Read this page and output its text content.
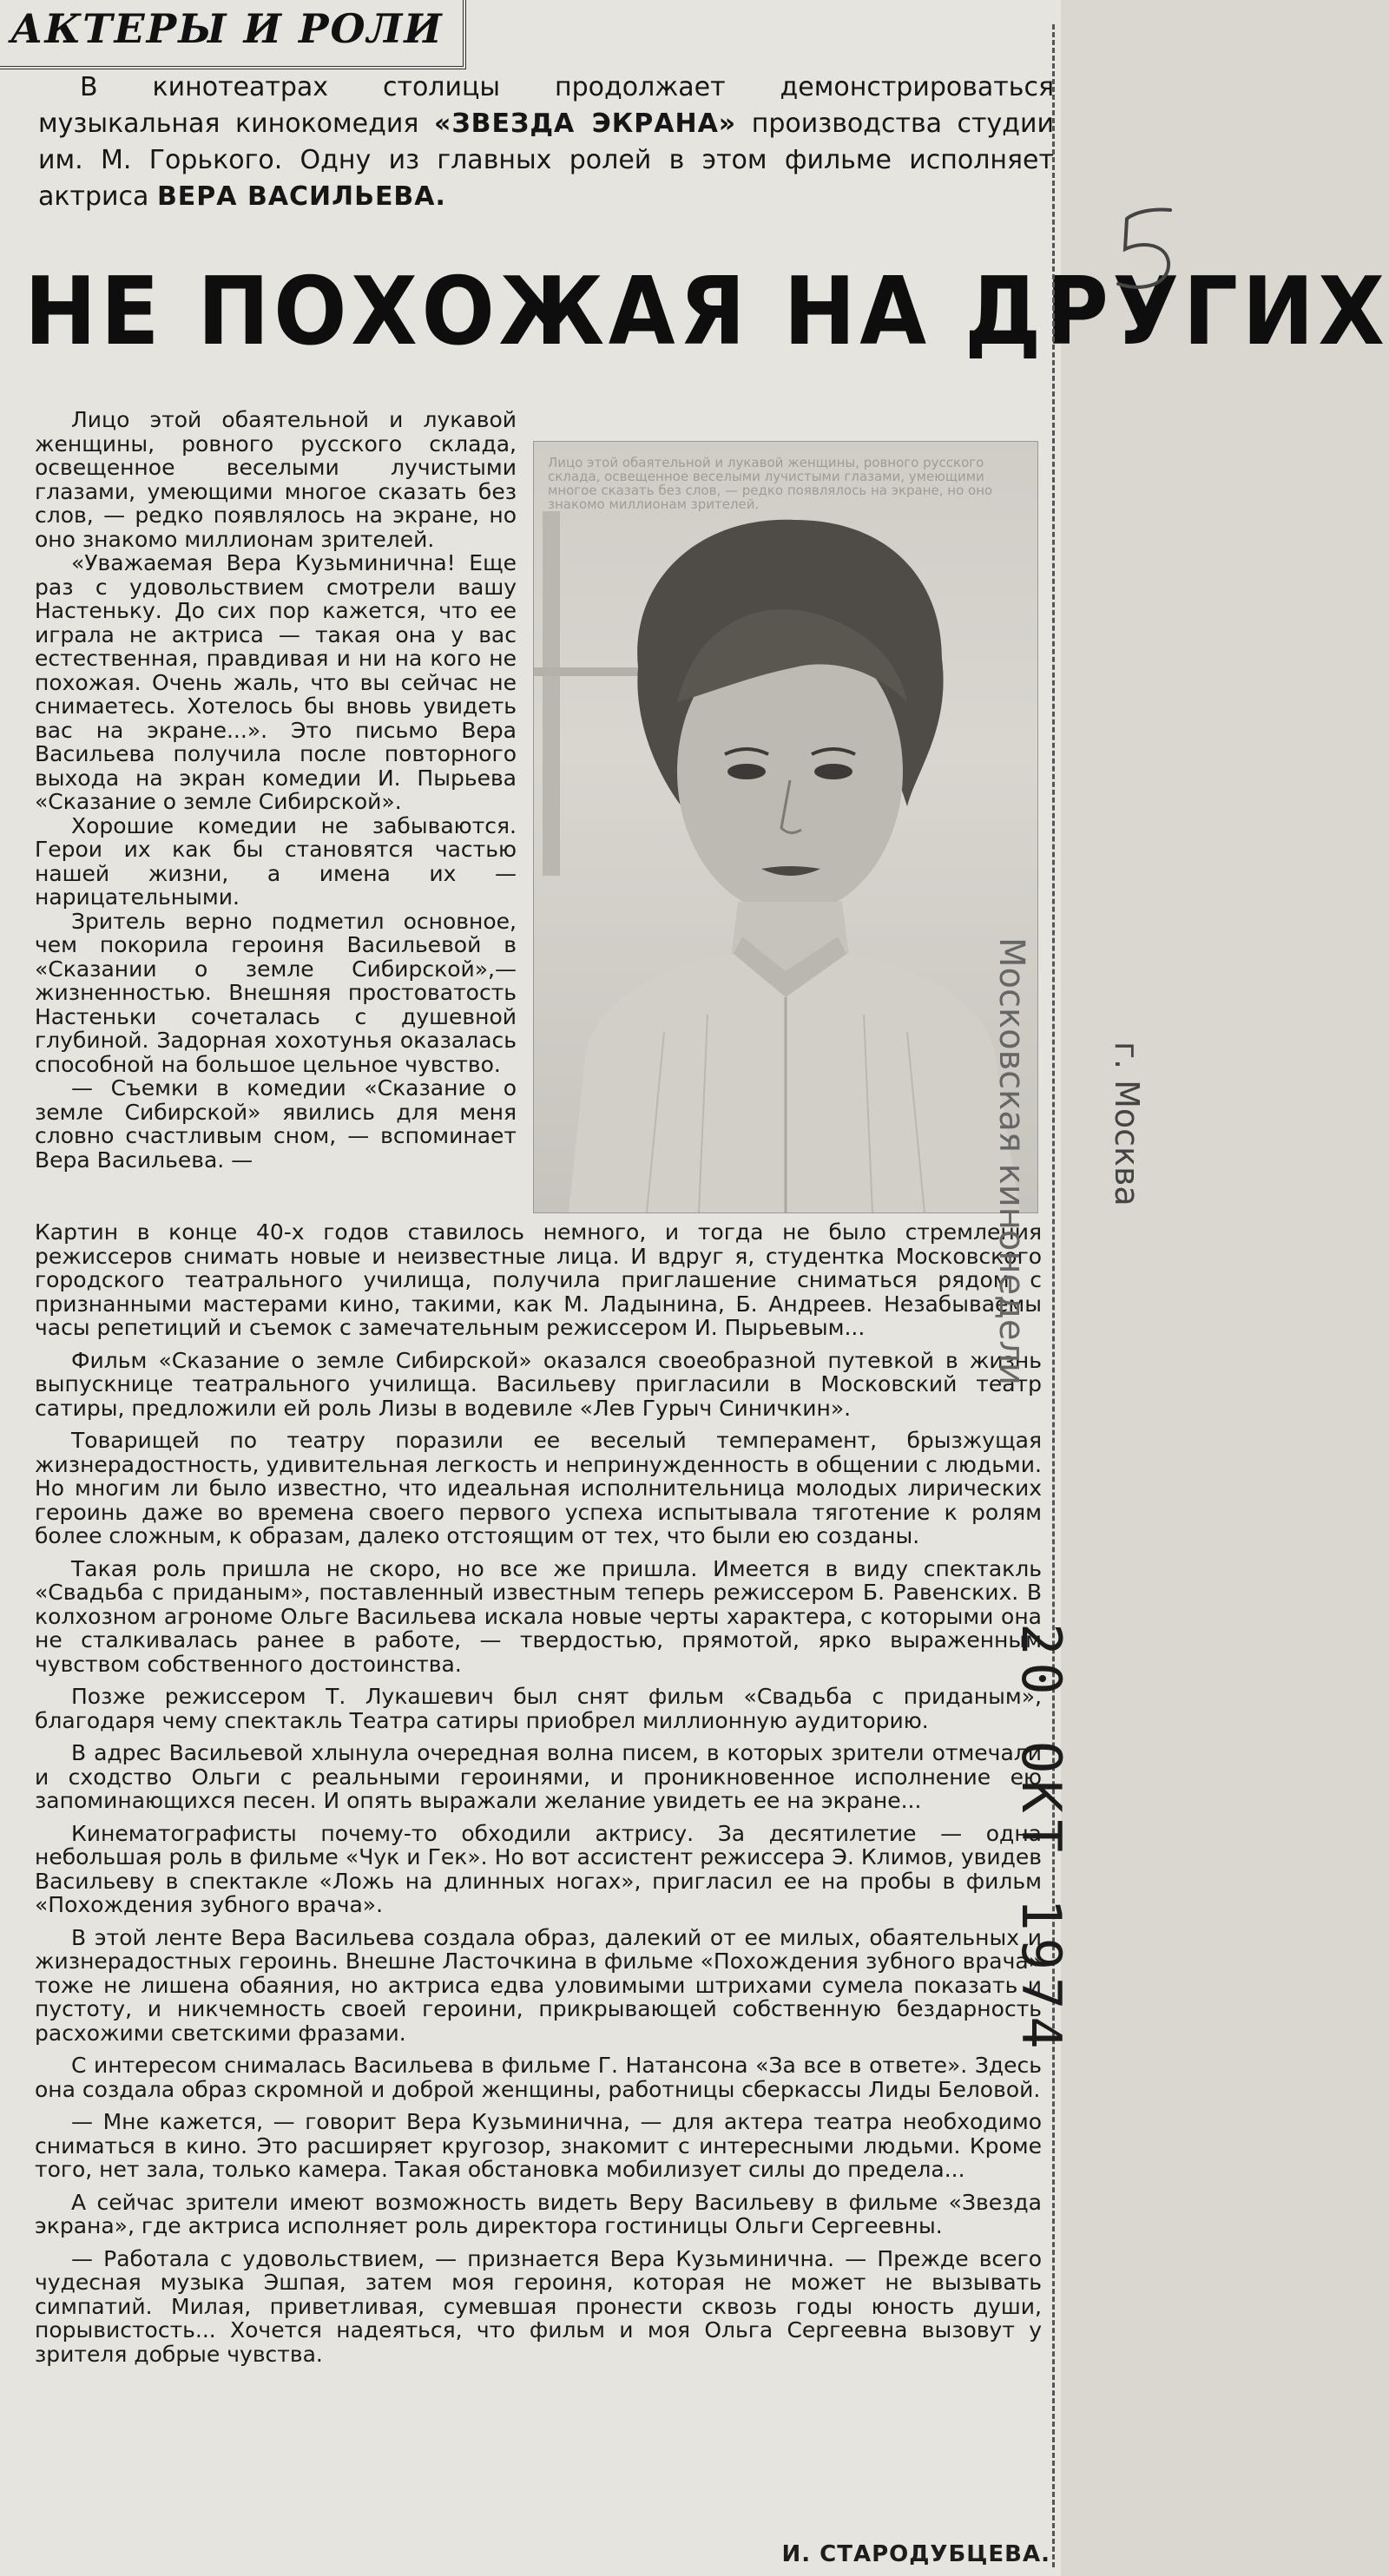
АКТЕРЫ И РОЛИ
В кинотеатрах столицы продолжает демонстрироваться музыкальная кинокомедия «ЗВЕЗДА ЭКРАНА» производства студии им. М. Горького. Одну из главных ролей в этом фильме исполняет актриса ВЕРА ВАСИЛЬЕВА.
НЕ ПОХОЖАЯ НА ДРУГИХ

Лицо этой обаятельной и лукавой женщины, ровного русского склада, освещенное веселыми лучистыми глазами, умеющими многое сказать без слов, — редко появлялось на экране, но оно знакомо миллионам зрителей.

«Уважаемая Вера Кузьминична! Еще раз с удовольствием смотрели вашу Настеньку. До сих пор кажется, что ее играла не актриса — такая она у вас естественная, правдивая и ни на кого не похожая. Очень жаль, что вы сейчас не снимаетесь. Хотелось бы вновь увидеть вас на экране...». Это письмо Вера Васильева получила после повторного выхода на экран комедии И. Пырьева «Сказание о земле Сибирской».

Хорошие комедии не забываются. Герои их как бы становятся частью нашей жизни, а имена их — нарицательными.

Зритель верно подметил основное, чем покорила героиня Васильевой в «Сказании о земле Сибирской»,—жизненностью. Внешняя простоватость Настеньки сочеталась с душевной глубиной. Задорная хохотунья оказалась способной на большое цельное чувство.

— Съемки в комедии «Сказание о земле Сибирской» явились для меня словно счастливым сном, — вспоминает Вера Васильева. —

Лицо этой обаятельной и лукавой женщины, ровного русского склада, освещенное веселыми лучистыми глазами, умеющими многое сказать без слов, — редко появлялось на экране, но оно знакомо миллионам зрителей.

Картин в конце 40-х годов ставилось немного, и тогда не было стремления режиссеров снимать новые и неизвестные лица. И вдруг я, студентка Московского городского театрального училища, получила приглашение сниматься рядом с признанными мастерами кино, такими, как М. Ладынина, Б. Андреев. Незабываемы часы репетиций и съемок с замечательным режиссером И. Пырьевым...

Фильм «Сказание о земле Сибирской» оказался своеобразной путевкой в жизнь выпускнице театрального училища. Васильеву пригласили в Московский театр сатиры, предложили ей роль Лизы в водевиле «Лев Гурыч Синичкин».

Товарищей по театру поразили ее веселый темперамент, брызжущая жизнерадостность, удивительная легкость и непринужденность в общении с людьми. Но многим ли было известно, что идеальная исполнительница молодых лирических героинь даже во времена своего первого успеха испытывала тяготение к ролям более сложным, к образам, далеко отстоящим от тех, что были ею созданы.

Такая роль пришла не скоро, но все же пришла. Имеется в виду спектакль «Свадьба с приданым», поставленный известным теперь режиссером Б. Равенских. В колхозном агрономе Ольге Васильева искала новые черты характера, с которыми она не сталкивалась ранее в работе, — твердостью, прямотой, ярко выраженным чувством собственного достоинства.

Позже режиссером Т. Лукашевич был снят фильм «Свадьба с приданым», благодаря чему спектакль Театра сатиры приобрел миллионную аудиторию.

В адрес Васильевой хлынула очередная волна писем, в которых зрители отмечали и сходство Ольги с реальными героинями, и проникновенное исполнение ею запоминающихся песен. И опять выражали желание увидеть ее на экране...

Кинематографисты почему-то обходили актрису. За десятилетие — одна небольшая роль в фильме «Чук и Гек». Но вот ассистент режиссера Э. Климов, увидев Васильеву в спектакле «Ложь на длинных ногах», пригласил ее на пробы в фильм «Похождения зубного врача».

В этой ленте Вера Васильева создала образ, далекий от ее милых, обаятельных и жизнерадостных героинь. Внешне Ласточкина в фильме «Похождения зубного врача» тоже не лишена обаяния, но актриса едва уловимыми штрихами сумела показать и пустоту, и никчемность своей героини, прикрывающей собственную бездарность расхожими светскими фразами.

С интересом снималась Васильева в фильме Г. Натансона «За все в ответе». Здесь она создала образ скромной и доброй женщины, работницы сберкассы Лиды Беловой.

— Мне кажется, — говорит Вера Кузьминична, — для актера театра необходимо сниматься в кино. Это расширяет кругозор, знакомит с интересными людьми. Кроме того, нет зала, только камера. Такая обстановка мобилизует силы до предела...

А сейчас зрители имеют возможность видеть Веру Васильеву в фильме «Звезда экрана», где актриса исполняет роль директора гостиницы Ольги Сергеевны.

— Работала с удовольствием, — признается Вера Кузьминична. — Прежде всего чудесная музыка Эшпая, затем моя героиня, которая не может не вызывать симпатий. Милая, приветливая, сумевшая пронести сквозь годы юность души, порывистость... Хочется надеяться, что фильм и моя Ольга Сергеевна вызовут у зрителя добрые чувства.

И. СТАРОДУБЦЕВА.
Московская кинонедели г. Москва
20 ОКТ 1974
